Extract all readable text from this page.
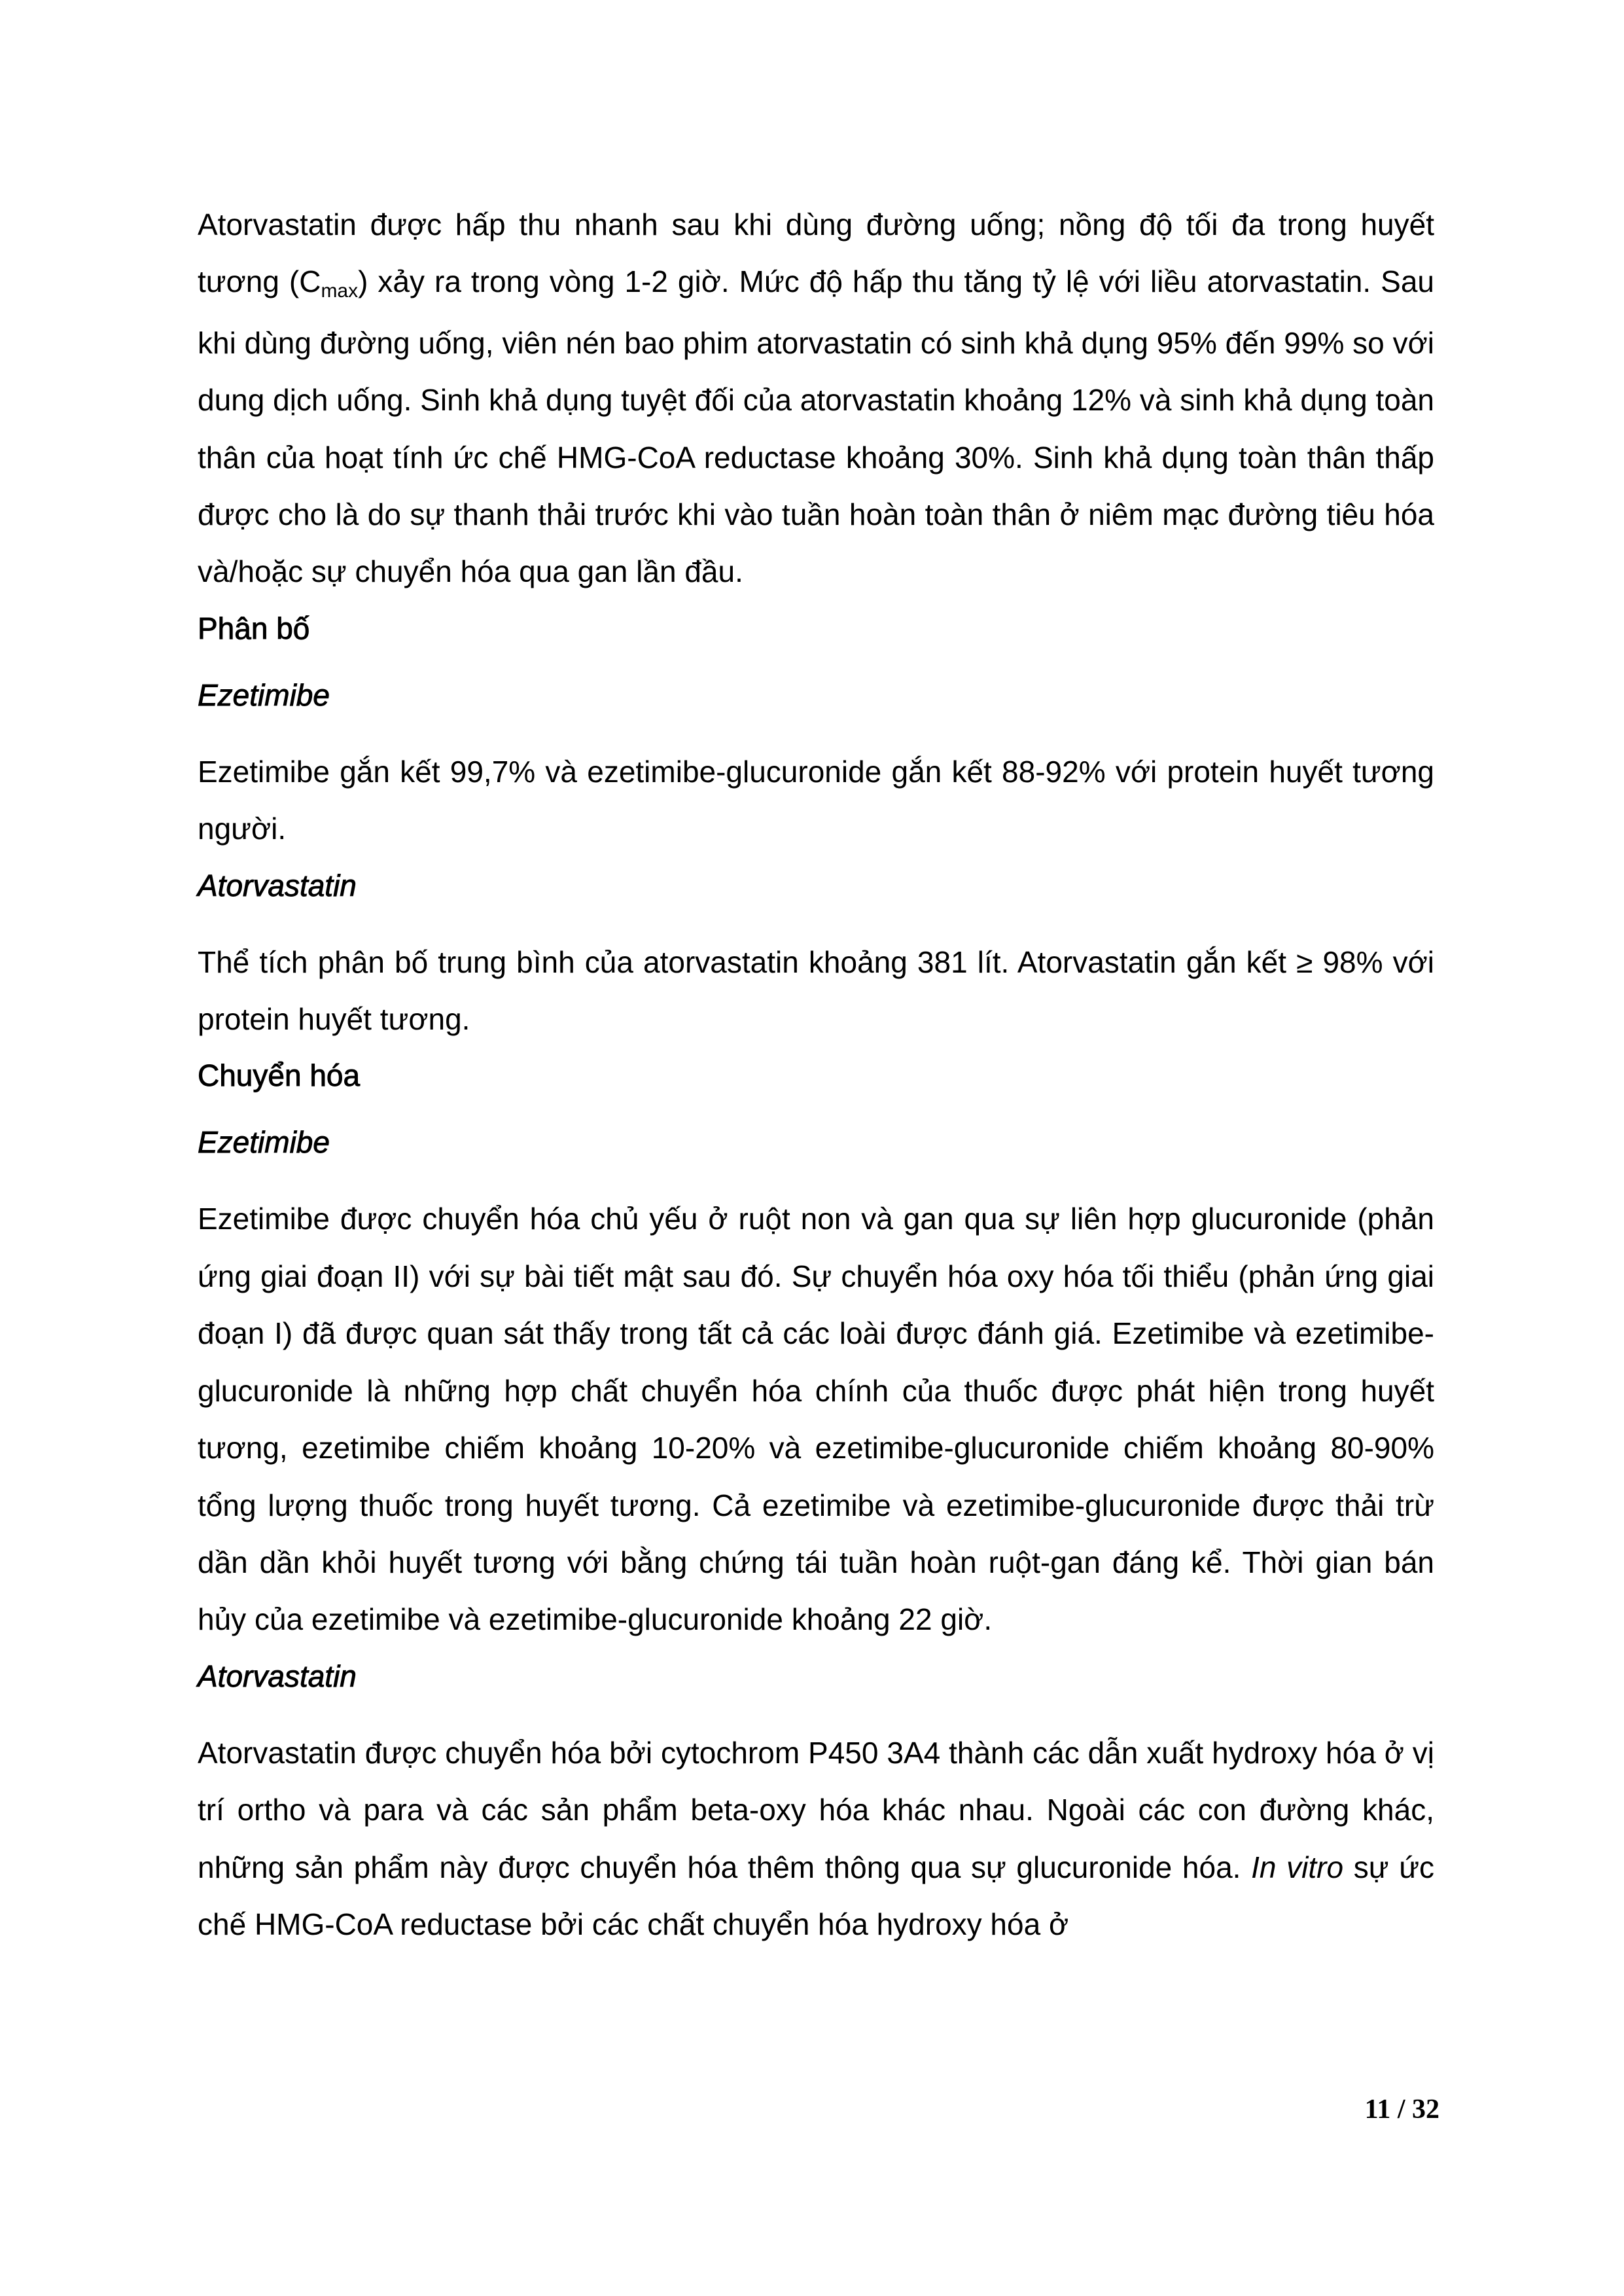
Atorvastatin được hấp thu nhanh sau khi dùng đường uống; nồng độ tối đa trong huyết tương (Cmax) xảy ra trong vòng 1-2 giờ. Mức độ hấp thu tăng tỷ lệ với liều atorvastatin. Sau khi dùng đường uống, viên nén bao phim atorvastatin có sinh khả dụng 95% đến 99% so với dung dịch uống. Sinh khả dụng tuyệt đối của atorvastatin khoảng 12% và sinh khả dụng toàn thân của hoạt tính ức chế HMG-CoA reductase khoảng 30%. Sinh khả dụng toàn thân thấp được cho là do sự thanh thải trước khi vào tuần hoàn toàn thân ở niêm mạc đường tiêu hóa và/hoặc sự chuyển hóa qua gan lần đầu.

Phân bố
Ezetimibe

Ezetimibe gắn kết 99,7% và ezetimibe-glucuronide gắn kết 88-92% với protein huyết tương người.

Atorvastatin

Thể tích phân bố trung bình của atorvastatin khoảng 381 lít. Atorvastatin gắn kết ≥ 98% với protein huyết tương.

Chuyển hóa
Ezetimibe

Ezetimibe được chuyển hóa chủ yếu ở ruột non và gan qua sự liên hợp glucuronide (phản ứng giai đoạn II) với sự bài tiết mật sau đó. Sự chuyển hóa oxy hóa tối thiểu (phản ứng giai đoạn I) đã được quan sát thấy trong tất cả các loài được đánh giá. Ezetimibe và ezetimibe-glucuronide là những hợp chất chuyển hóa chính của thuốc được phát hiện trong huyết tương, ezetimibe chiếm khoảng 10-20% và ezetimibe-glucuronide chiếm khoảng 80-90% tổng lượng thuốc trong huyết tương. Cả ezetimibe và ezetimibe-glucuronide được thải trừ dần dần khỏi huyết tương với bằng chứng tái tuần hoàn ruột-gan đáng kể. Thời gian bán hủy của ezetimibe và ezetimibe-glucuronide khoảng 22 giờ.

Atorvastatin

Atorvastatin được chuyển hóa bởi cytochrom P450 3A4 thành các dẫn xuất hydroxy hóa ở vị trí ortho và para và các sản phẩm beta-oxy hóa khác nhau. Ngoài các con đường khác, những sản phẩm này được chuyển hóa thêm thông qua sự glucuronide hóa. In vitro sự ức chế HMG-CoA reductase bởi các chất chuyển hóa hydroxy hóa ở

11 / 32
